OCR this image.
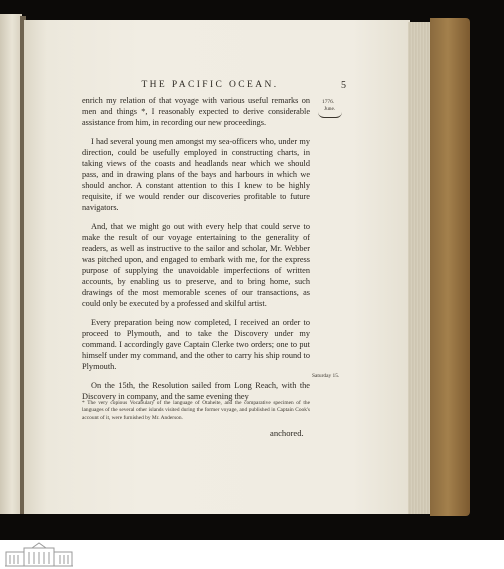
THE PACIFIC OCEAN.	5
1776.
June.
Saturday 15.

enrich my relation of that voyage with various useful remarks on men and things *, I reasonably expected to derive considerable assistance from him, in recording our new proceedings.

I had several young men amongst my sea-officers who, under my direction, could be usefully employed in constructing charts, in taking views of the coasts and headlands near which we should pass, and in drawing plans of the bays and harbours in which we should anchor. A constant attention to this I knew to be highly requisite, if we would render our discoveries profitable to future navigators.

And, that we might go out with every help that could serve to make the result of our voyage entertaining to the generality of readers, as well as instructive to the sailor and scholar, Mr. Webber was pitched upon, and engaged to embark with me, for the express purpose of supplying the unavoidable imperfections of written accounts, by enabling us to preserve, and to bring home, such drawings of the most memorable scenes of our transactions, as could only be executed by a professed and skilful artist.

Every preparation being now completed, I received an order to proceed to Plymouth, and to take the Discovery under my command. I accordingly gave Captain Clerke two orders; one to put himself under my command, and the other to carry his ship round to Plymouth.

On the 15th, the Resolution sailed from Long Reach, with the Discovery in company, and the same evening they

* The very copious Vocabulary of the language of Otaheite, and the comparative specimen of the languages of the several other islands visited during the former voyage, and published in Captain Cook's account of it, were furnished by Mr. Anderson.
anchored.
